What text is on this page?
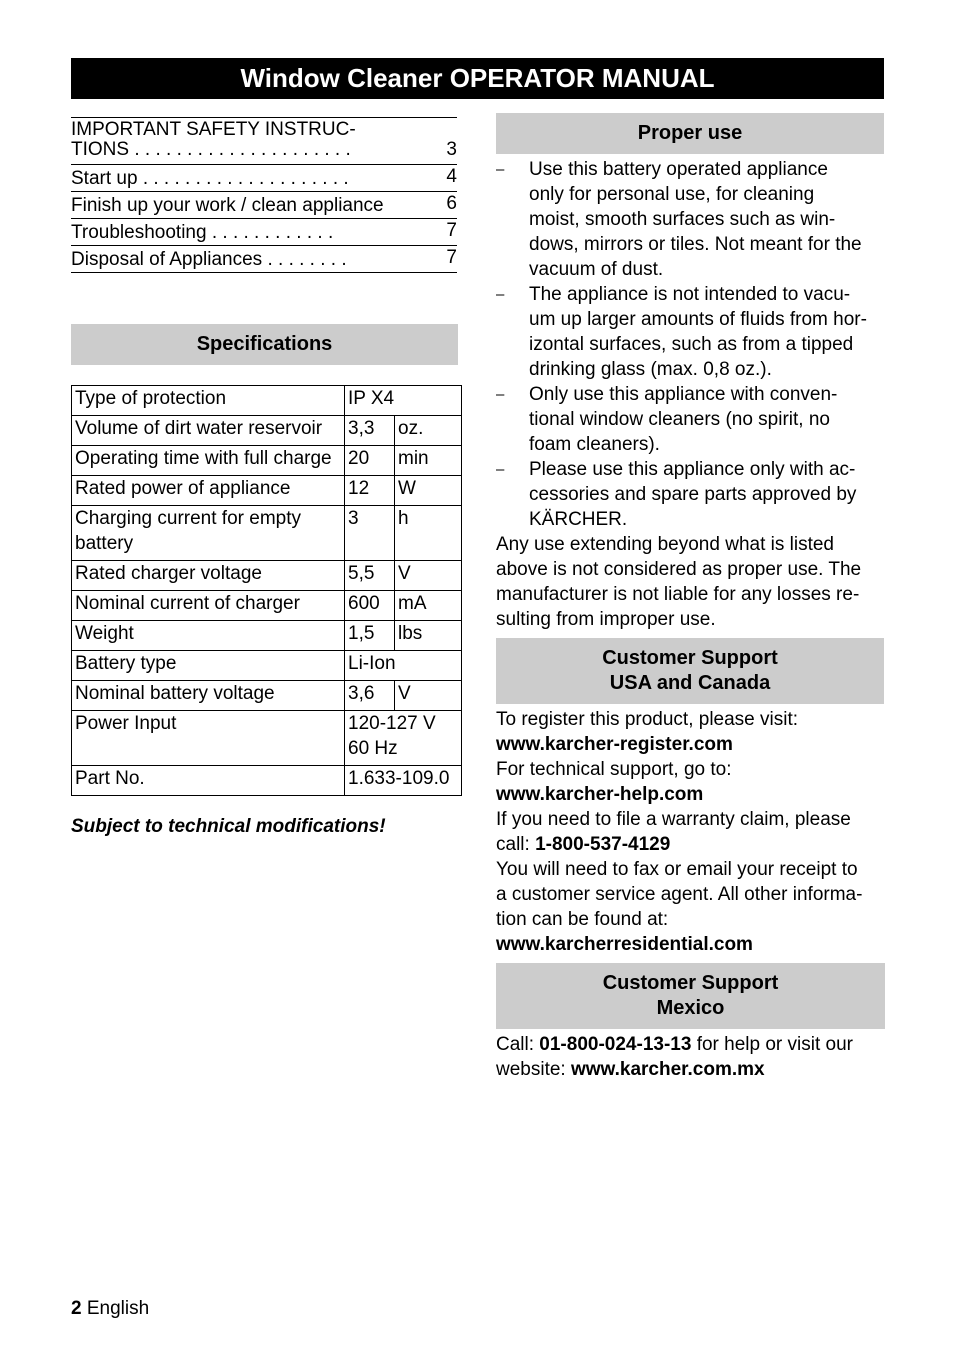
Window Cleaner OPERATOR MANUAL
IMPORTANT SAFETY INSTRUC-
TIONS . . . . . . . . . . . . . . . . . . . . .	3
Start up . . . . . . . . . . . . . . . . . . . .	4
Finish up your work / clean appliance	6
Troubleshooting . . . . . . . . . . . .	7
Disposal of Appliances . . . . . . . .	7
Specifications
Type of protection	IP X4	
Volume of dirt water reservoir	3,3	oz.
Operating time with full charge	20	min
Rated power of appliance	12	W
Charging current for empty battery	3	h
Rated charger voltage	5,5	V
Nominal current of charger	600	mA
Weight	1,5	lbs
Battery type	Li-Ion	
Nominal battery voltage	3,6	V
Power Input	120-127 V
60 Hz	

Part No.	1.633-109.0	
Subject to technical modifications!
Proper use
– Use this battery operated appliance
only for personal use, for cleaning
moist, smooth surfaces such as win-
dows, mirrors or tiles. Not meant for the
vacuum of dust.
– The appliance is not intended to vacu-
um up larger amounts of fluids from hor-
izontal surfaces, such as from a tipped
drinking glass (max. 0,8 oz.).
– Only use this appliance with conven-
tional window cleaners (no spirit, no
foam cleaners).
– Please use this appliance only with ac-
cessories and spare parts approved by
KÄRCHER.
Any use extending beyond what is listed
above is not considered as proper use. The
manufacturer is not liable for any losses re-
sulting from improper use.
Customer Support
USA and Canada
To register this product, please visit:
www.karcher-register.com
For technical support, go to:
www.karcher-help.com
If you need to file a warranty claim, please
call: 1-800-537-4129
You will need to fax or email your receipt to
a customer service agent. All other informa-
tion can be found at:
www.karcherresidential.com
Customer Support
Mexico
Call: 01-800-024-13-13 for help or visit our
website: www.karcher.com.mx
2 English
